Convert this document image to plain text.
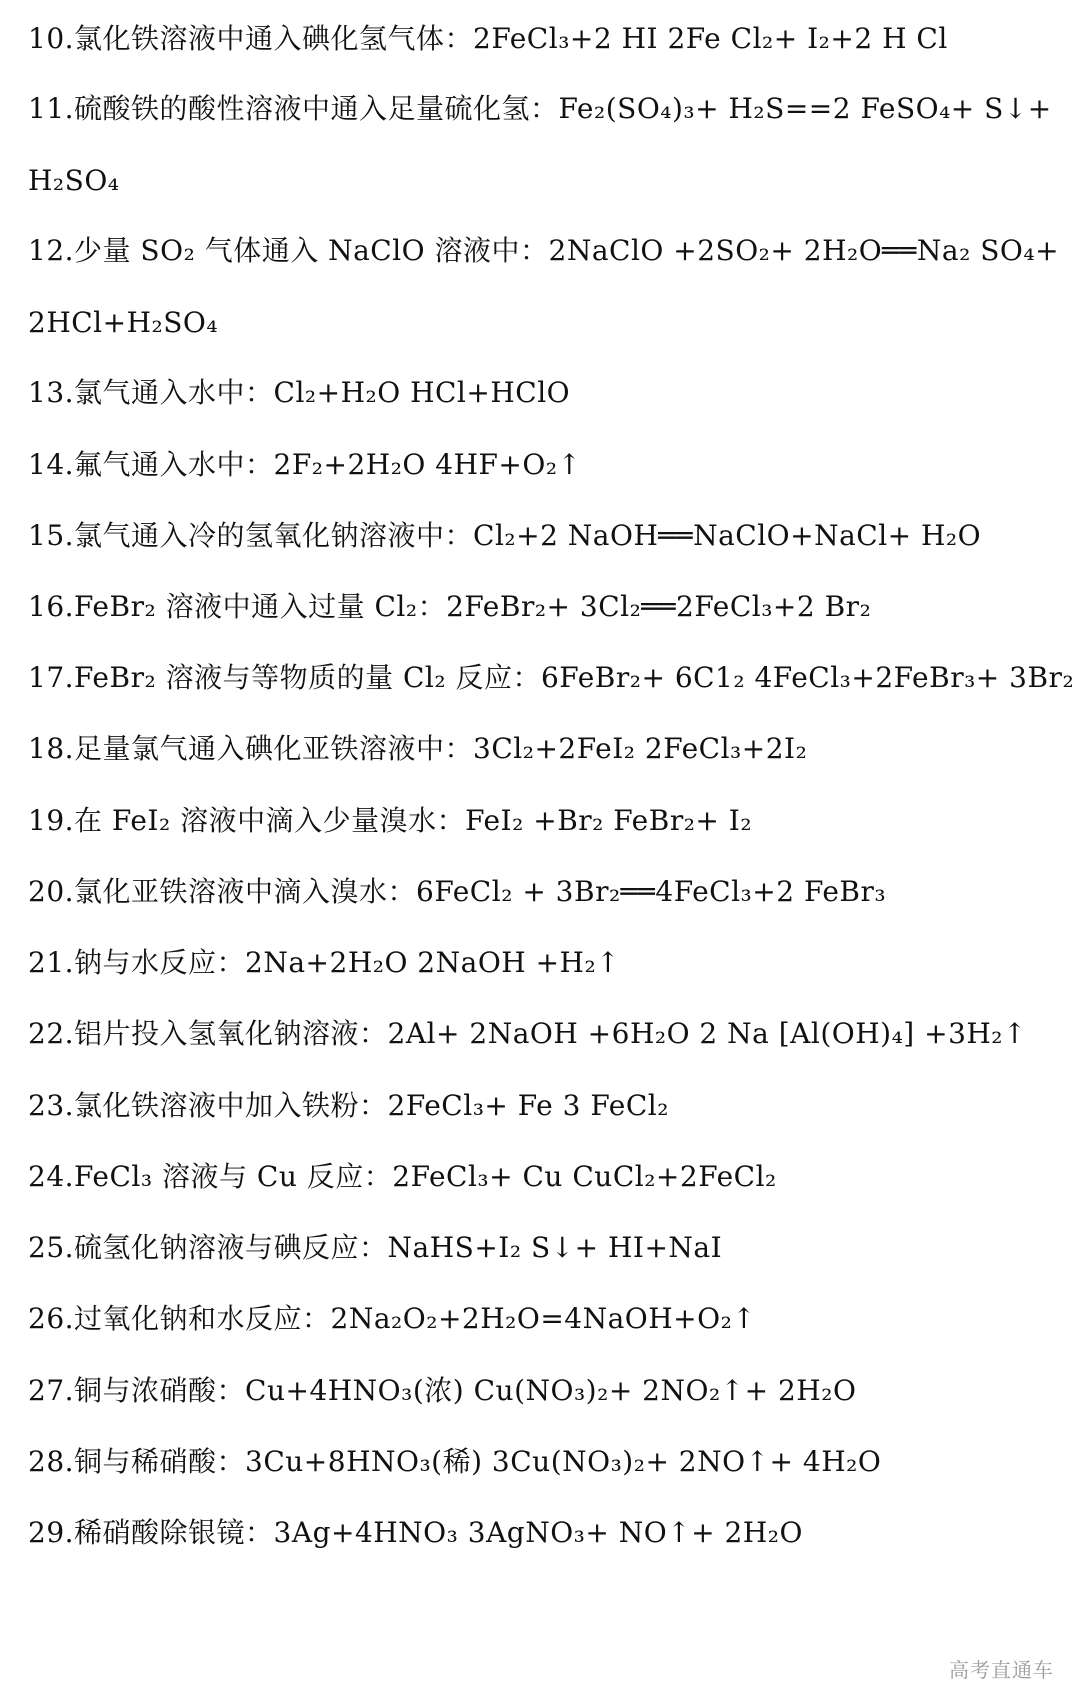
10.氯化铁溶液中通入碘化氢气体：2FeCl₃+2 HI 2Fe Cl₂+ I₂+2 H Cl
11.硫酸铁的酸性溶液中通入足量硫化氢：Fe₂(SO₄)₃+ H₂S==2 FeSO₄+ S↓+
H₂SO₄
12.少量 SO₂ 气体通入 NaClO 溶液中：2NaClO +2SO₂+ 2H₂O══Na₂ SO₄+
2HCl+H₂SO₄
13.氯气通入水中：Cl₂+H₂O HCl+HClO
14.氟气通入水中：2F₂+2H₂O 4HF+O₂↑
15.氯气通入冷的氢氧化钠溶液中：Cl₂+2 NaOH══NaClO+NaCl+ H₂O
16.FeBr₂ 溶液中通入过量 Cl₂：2FeBr₂+ 3Cl₂══2FeCl₃+2 Br₂
17.FeBr₂ 溶液与等物质的量 Cl₂ 反应：6FeBr₂+ 6C1₂ 4FeCl₃+2FeBr₃+ 3Br₂
18.足量氯气通入碘化亚铁溶液中：3Cl₂+2FeI₂ 2FeCl₃+2I₂
19.在 FeI₂ 溶液中滴入少量溴水：FeI₂ +Br₂ FeBr₂+ I₂
20.氯化亚铁溶液中滴入溴水：6FeCl₂ + 3Br₂══4FeCl₃+2 FeBr₃
21.钠与水反应：2Na+2H₂O 2NaOH +H₂↑
22.铝片投入氢氧化钠溶液：2Al+ 2NaOH +6H₂O 2 Na [Al(OH)₄] +3H₂↑
23.氯化铁溶液中加入铁粉：2FeCl₃+ Fe 3 FeCl₂
24.FeCl₃ 溶液与 Cu 反应：2FeCl₃+ Cu CuCl₂+2FeCl₂
25.硫氢化钠溶液与碘反应：NaHS+I₂ S↓+ HI+NaI
26.过氧化钠和水反应：2Na₂O₂+2H₂O=4NaOH+O₂↑
27.铜与浓硝酸：Cu+4HNO₃(浓) Cu(NO₃)₂+ 2NO₂↑+ 2H₂O
28.铜与稀硝酸：3Cu+8HNO₃(稀) 3Cu(NO₃)₂+ 2NO↑+ 4H₂O
29.稀硝酸除银镜：3Ag+4HNO₃ 3AgNO₃+ NO↑+ 2H₂O
高考直通车
